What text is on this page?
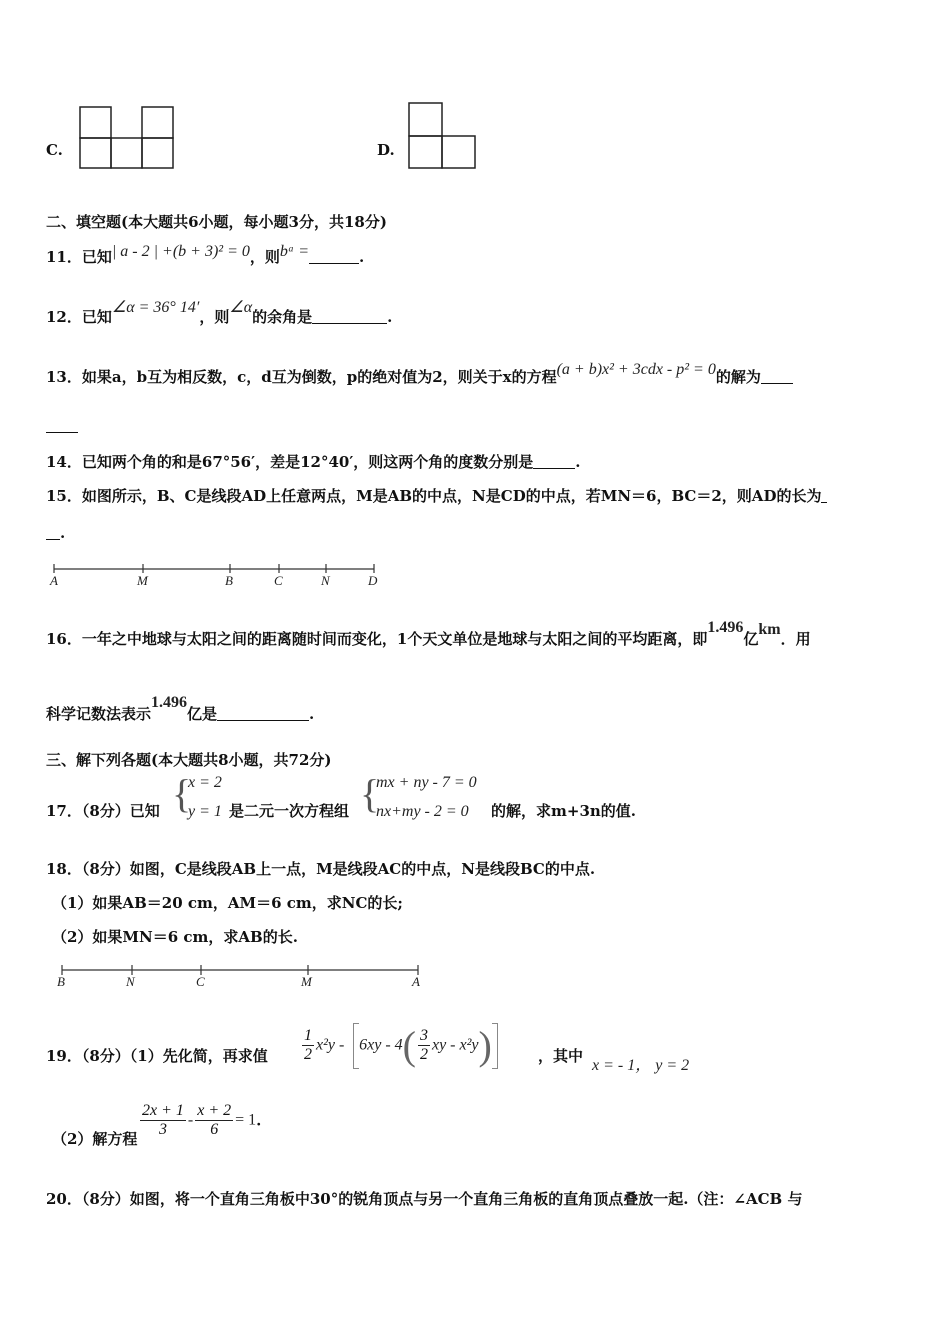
C.	D.
二、填空题(本大题共6小题，每小题3分，共18分)
11．已知| a - 2 | +(b + 3)² = 0，则bᵃ =	.
12．已知∠α = 36° 14′，则∠α的余角是	.
13．如果a，b互为相反数，c，d互为倒数，p的绝对值为2，则关于x的方程(a + b)x² + 3cdx - p² = 0的解为
14．已知两个角的和是67°56′，差是12°40′，则这两个角的度数分别是	.
15．如图所示，B、C是线段AD上任意两点，M是AB的中点，N是CD的中点，若MN＝6，BC＝2，则AD的长为
.
A	M	B	C	N	D
16．一年之中地球与太阳之间的距离随时间而变化，1个天文单位是地球与太阳之间的平均距离，即1.496亿km．用
科学记数法表示1.496亿是	.
三、解下列各题(本大题共8小题，共72分)
17．（8分）已知 {
x = 2
y = 1 是二元一次方程组 {
mx + ny - 7 = 0
nx+my - 2 = 0 的解，求m+3n的值.
18．（8分）如图，C是线段AB上一点，M是线段AC的中点，N是线段BC的中点.
（1）如果AB＝20 cm，AM＝6 cm，求NC的长;
（2）如果MN＝6 cm，求AB的长.
B	N	C	M	A
19．（8分）（1）先化简，再求值 $\frac{1}{2} x^2y - 6xy - 4( \frac{3}{2}$ xy - x²y)	，其中
x = - 1， y = 2
（2）解方程 $\frac{2x + 1}{3} - \frac{x + 2}{6} = 1$.
20．（8分）如图，将一个直角三角板中30°的锐角顶点与另一个直角三角板的直角顶点叠放一起.（注：∠ACB 与
